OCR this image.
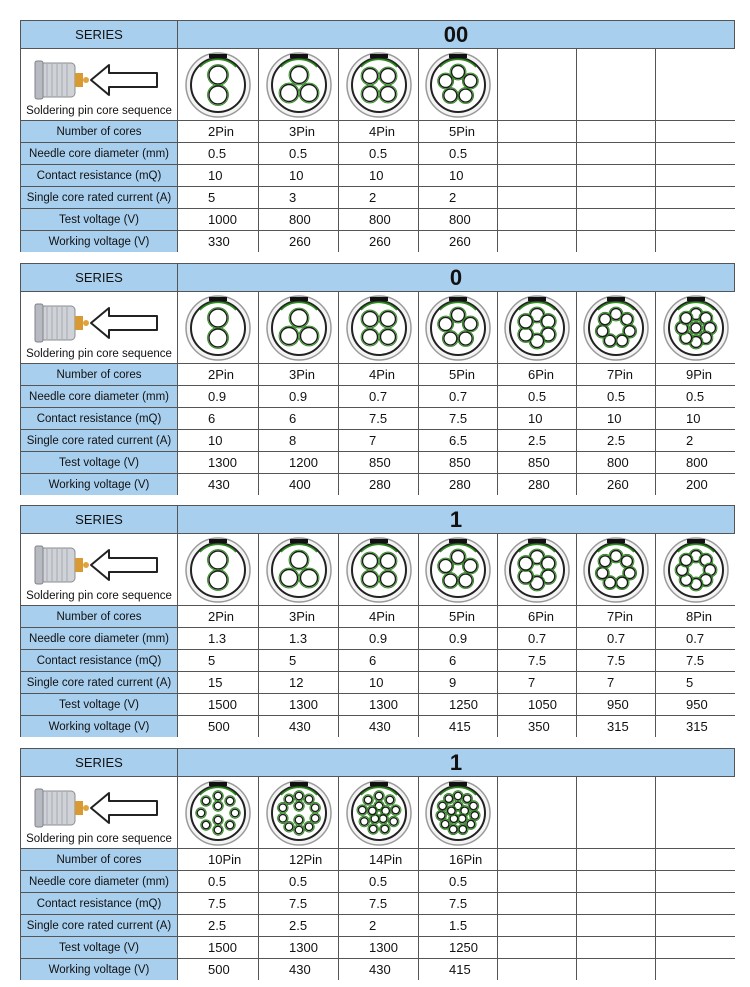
SERIES	00
Soldering pin core sequence
Number of cores	2Pin	3Pin	4Pin	5Pin
Needle core diameter (mm)	0.5	0.5	0.5	0.5
Contact resistance (mQ)	10	10	10	10
Single core rated current (A)	5	3	2	2
Test voltage (V)	1000	800	800	800
Working voltage (V)	330	260	260	260
SERIES	0
Soldering pin core sequence
Number of cores	2Pin	3Pin	4Pin	5Pin	6Pin	7Pin	9Pin
Needle core diameter (mm)	0.9	0.9	0.7	0.7	0.5	0.5	0.5
Contact resistance (mQ)	6	6	7.5	7.5	10	10	10
Single core rated current (A)	10	8	7	6.5	2.5	2.5	2
Test voltage (V)	1300	1200	850	850	850	800	800
Working voltage (V)	430	400	280	280	280	260	200
SERIES	1
Soldering pin core sequence
Number of cores	2Pin	3Pin	4Pin	5Pin	6Pin	7Pin	8Pin
Needle core diameter (mm)	1.3	1.3	0.9	0.9	0.7	0.7	0.7
Contact resistance (mQ)	5	5	6	6	7.5	7.5	7.5
Single core rated current (A)	15	12	10	9	7	7	5
Test voltage (V)	1500	1300	1300	1250	1050	950	950
Working voltage (V)	500	430	430	415	350	315	315
SERIES	1
Soldering pin core sequence
Number of cores	10Pin	12Pin	14Pin	16Pin
Needle core diameter (mm)	0.5	0.5	0.5	0.5
Contact resistance (mQ)	7.5	7.5	7.5	7.5
Single core rated current (A)	2.5	2.5	2	1.5
Test voltage (V)	1500	1300	1300	1250
Working voltage (V)	500	430	430	415
